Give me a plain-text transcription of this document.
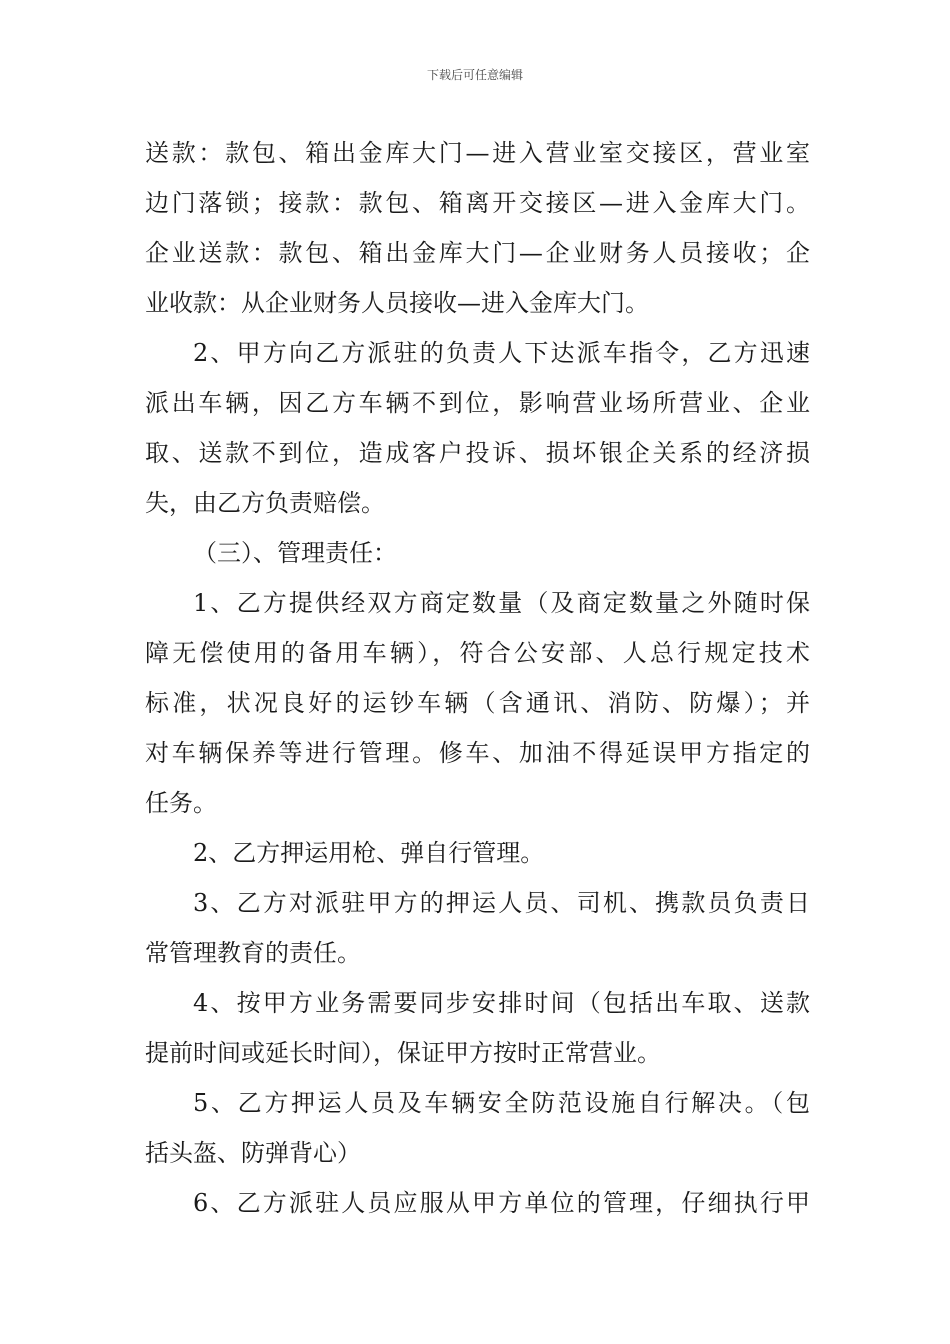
下载后可任意编辑
送款：款包、箱出金库大门—进入营业室交接区，营业室
边门落锁；接款：款包、箱离开交接区—进入金库大门。
企业送款：款包、箱出金库大门—企业财务人员接收；企
业收款：从企业财务人员接收—进入金库大门。
2、甲方向乙方派驻的负责人下达派车指令，乙方迅速
派出车辆，因乙方车辆不到位，影响营业场所营业、企业
取、送款不到位，造成客户投诉、损坏银企关系的经济损
失，由乙方负责赔偿。
（三）、管理责任：
1、乙方提供经双方商定数量（及商定数量之外随时保
障无偿使用的备用车辆），符合公安部、人总行规定技术
标准，状况良好的运钞车辆（含通讯、消防、防爆）；并
对车辆保养等进行管理。修车、加油不得延误甲方指定的
任务。
2、乙方押运用枪、弹自行管理。
3、乙方对派驻甲方的押运人员、司机、携款员负责日
常管理教育的责任。
4、按甲方业务需要同步安排时间（包括出车取、送款
提前时间或延长时间），保证甲方按时正常营业。
5、乙方押运人员及车辆安全防范设施自行解决。（包
括头盔、防弹背心）
6、乙方派驻人员应服从甲方单位的管理，仔细执行甲
